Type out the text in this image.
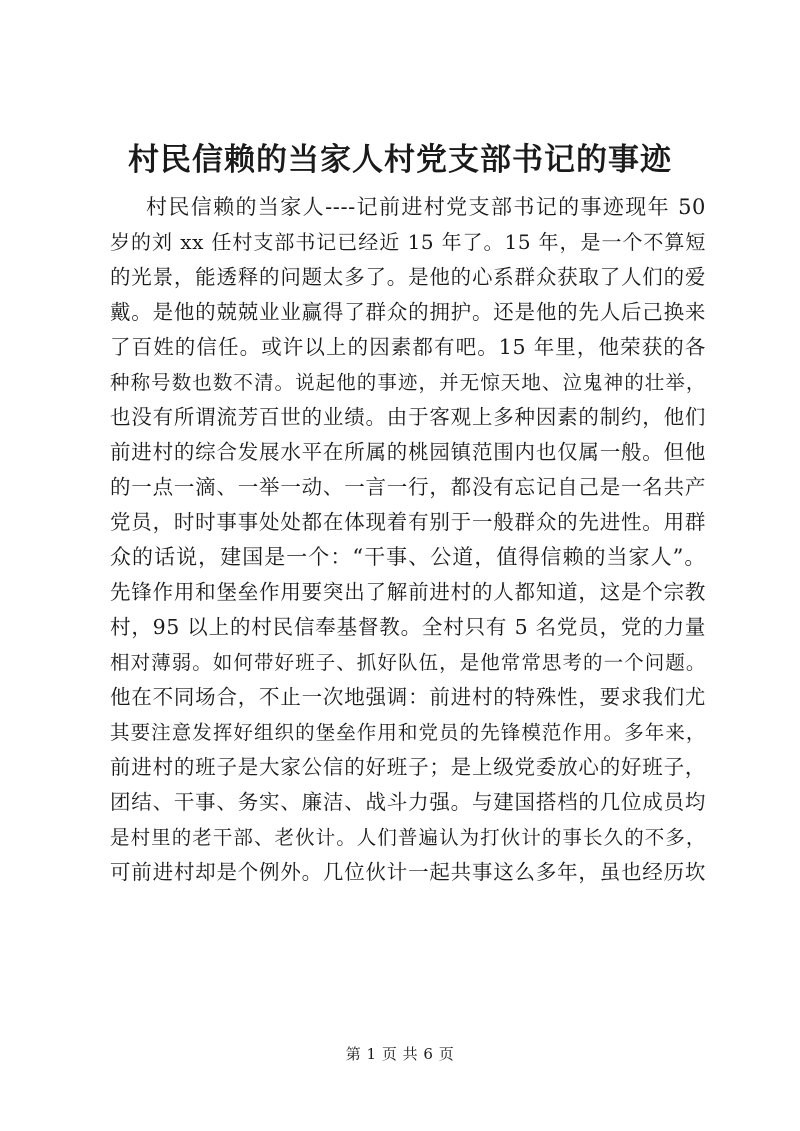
村民信赖的当家人村党支部书记的事迹
村民信赖的当家人----记前进村党支部书记的事迹现年 50
岁的刘 xx 任村支部书记已经近 15 年了。15 年，是一个不算短
的光景，能透释的问题太多了。是他的心系群众获取了人们的爱
戴。是他的兢兢业业赢得了群众的拥护。还是他的先人后己换来
了百姓的信任。或许以上的因素都有吧。15 年里，他荣获的各
种称号数也数不清。说起他的事迹，并无惊天地、泣鬼神的壮举，
也没有所谓流芳百世的业绩。由于客观上多种因素的制约，他们
前进村的综合发展水平在所属的桃园镇范围内也仅属一般。但他
的一点一滴、一举一动、一言一行，都没有忘记自己是一名共产
党员，时时事事处处都在体现着有别于一般群众的先进性。用群
众的话说，建国是一个：“干事、公道，值得信赖的当家人”。
先锋作用和堡垒作用要突出了解前进村的人都知道，这是个宗教
村，95 以上的村民信奉基督教。全村只有 5 名党员，党的力量
相对薄弱。如何带好班子、抓好队伍，是他常常思考的一个问题。
他在不同场合，不止一次地强调：前进村的特殊性，要求我们尤
其要注意发挥好组织的堡垒作用和党员的先锋模范作用。多年来，
前进村的班子是大家公信的好班子；是上级党委放心的好班子，
团结、干事、务实、廉洁、战斗力强。与建国搭档的几位成员均
是村里的老干部、老伙计。人们普遍认为打伙计的事长久的不多，
可前进村却是个例外。几位伙计一起共事这么多年，虽也经历坎
第 1 页 共 6 页
